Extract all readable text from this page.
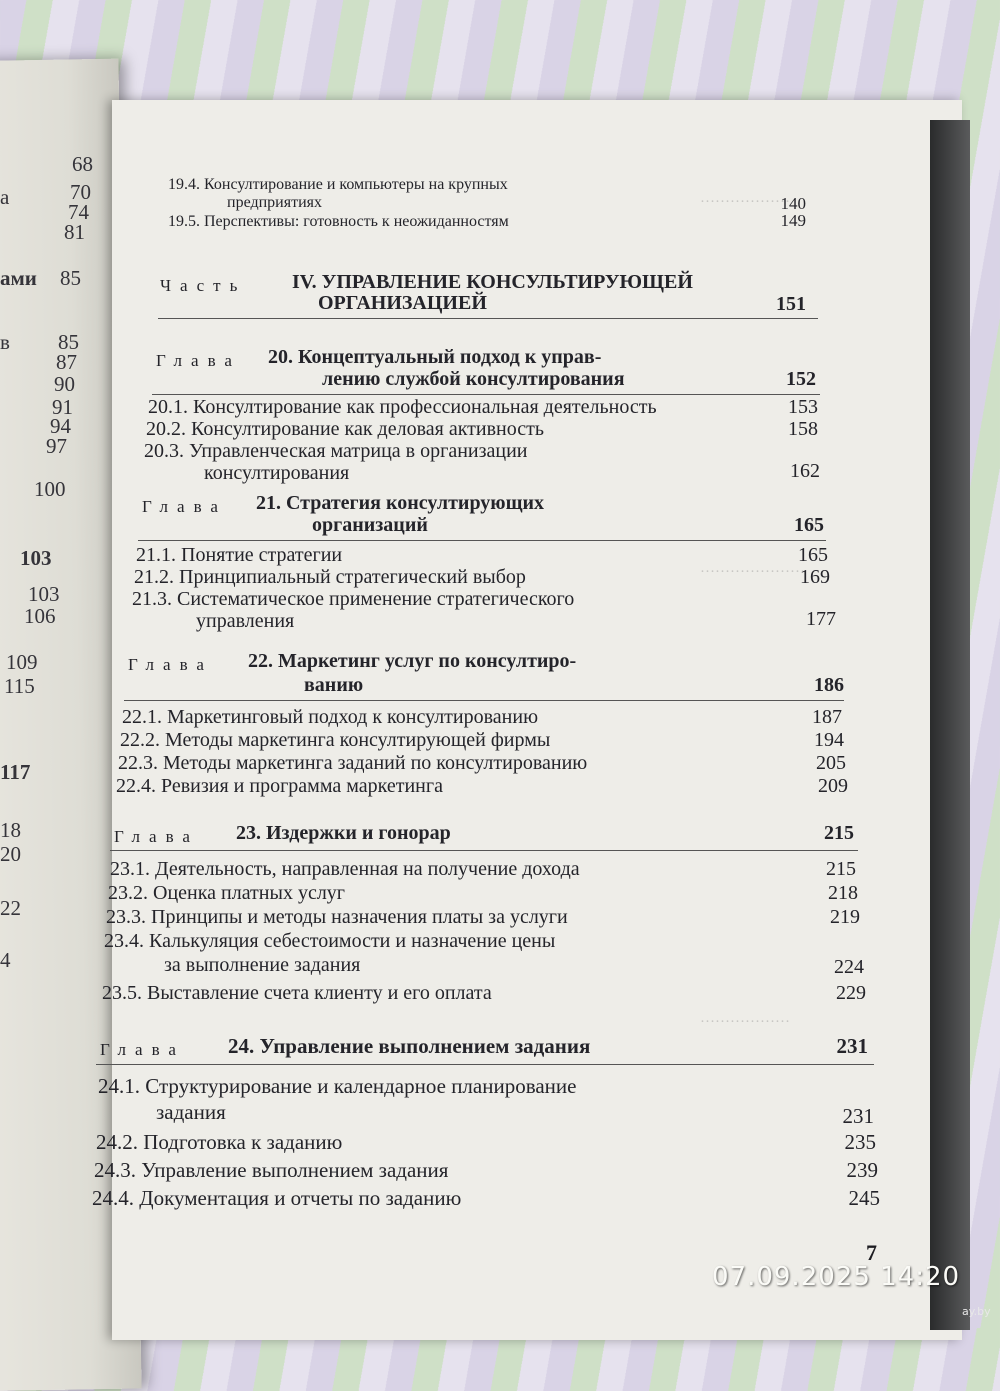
68
а	70
74
81
ами 85
в 85
87
90
91
94
97
100
103
103
106
109
115
117
18
20
22
4
………………
…………………
………………
19.4. Консултирование и компьютеры на крупных
предприятиях	140
19.5. Перспективы: готовность к неожиданностям	149
Часть IV. УПРАВЛЕНИЕ КОНСУЛЬТИРУЮЩЕЙ
ОРГАНИЗАЦИЕЙ	151
Глава 20. Концептуальный подход к управ-
лению службой консултирования	152
20.1. Консултирование как профессиональная деятельность	153
20.2. Консултирование как деловая активность	158
20.3. Управленческая матрица в организации
консултирования	162
Глава 21. Стратегия консултирующих
организаций	165
21.1. Понятие стратегии	165
21.2. Принципиальный стратегический выбор	169
21.3. Систематическое применение стратегического
управления	177
Глава 22. Маркетинг услуг по консултиро-
ванию	186
22.1. Маркетинговый подход к консултированию	187
22.2. Методы маркетинга консултирующей фирмы	194
22.3. Методы маркетинга заданий по консултированию	205
22.4. Ревизия и программа маркетинга	209
Глава 23. Издержки и гонорар	215
23.1. Деятельность, направленная на получение дохода	215
23.2. Оценка платных услуг	218
23.3. Принципы и методы назначения платы за услуги	219
23.4. Калькуляция себестоимости и назначение цены
за выполнение задания	224
23.5. Выставление счета клиенту и его оплата	229
Глава 24. Управление выполнением задания	231
24.1. Структурирование и календарное планирование
задания	231
24.2. Подготовка к заданию	235
24.3. Управление выполнением задания	239
24.4. Документация и отчеты по заданию	245
7
07.09.2025 14:20
ay.by
